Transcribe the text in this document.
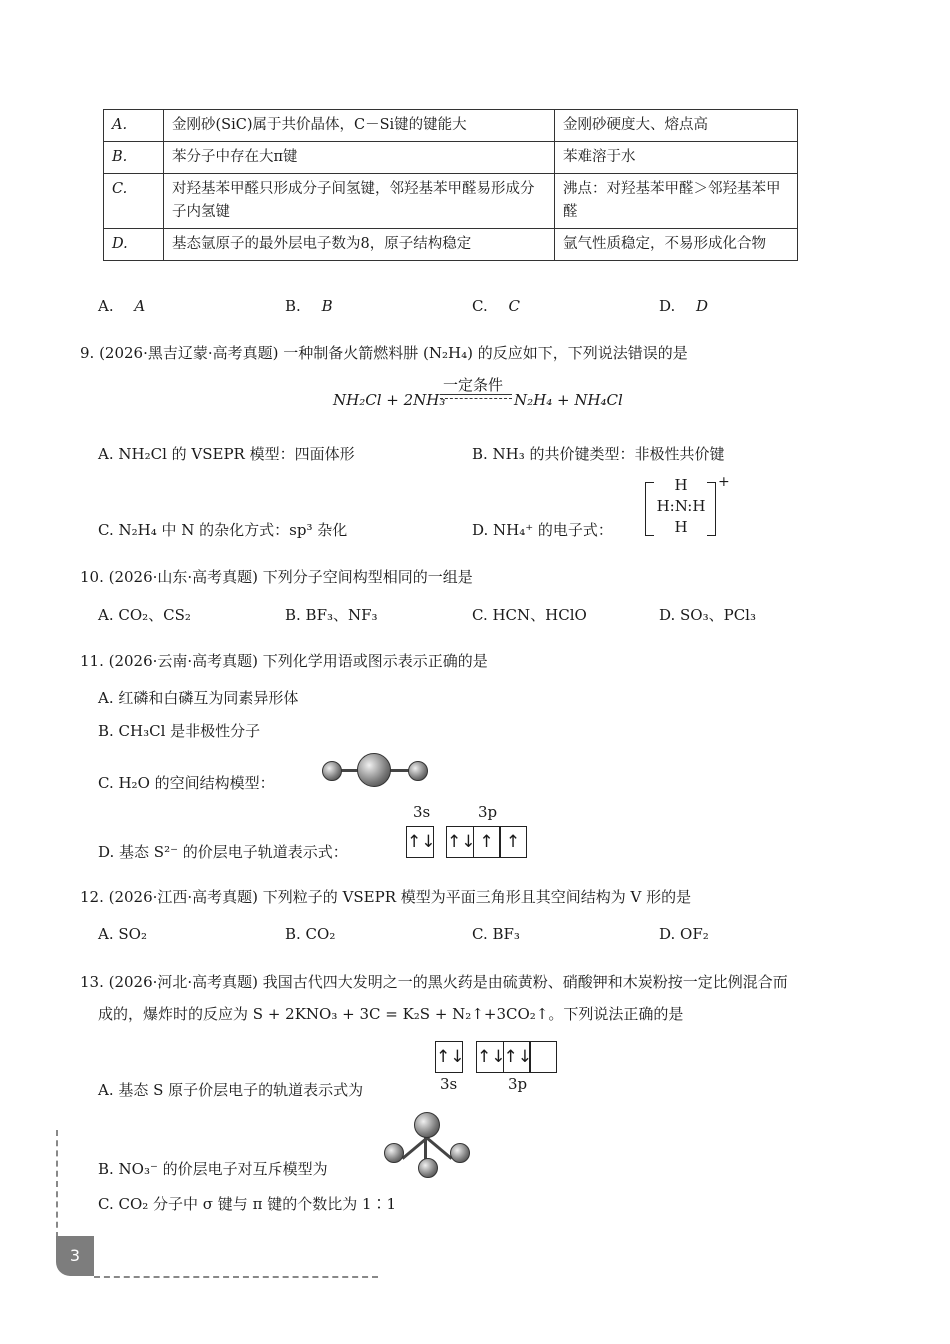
A.	金刚砂(SiC)属于共价晶体，C－Si键的键能大	金刚砂硬度大、熔点高
B.	苯分子中存在大π键	苯难溶于水
C.	对羟基苯甲醛只形成分子间氢键，邻羟基苯甲醛易形成分子内氢键	沸点：对羟基苯甲醛＞邻羟基苯甲醛
D.	基态氩原子的最外层电子数为8，原子结构稳定	氩气性质稳定，不易形成化合物
A. A	B. B	C. C	D. D
9. (2026·黑吉辽蒙·高考真题) 一种制备火箭燃料肼 (N₂H₄) 的反应如下，下列说法错误的是
一定条件
NH₂Cl + 2NH₃	N₂H₄ + NH₄Cl
A. NH₂Cl 的 VSEPR 模型：四面体形	B. NH₃ 的共价键类型：非极性共价键
C. N₂H₄ 中 N 的杂化方式：sp³ 杂化	D. NH₄⁺ 的电子式：
H
H:N:H
H
+
10. (2026·山东·高考真题) 下列分子空间构型相同的一组是
A. CO₂、CS₂	B. BF₃、NF₃	C. HCN、HClO	D. SO₃、PCl₃
11. (2026·云南·高考真题) 下列化学用语或图示表示正确的是
A. 红磷和白磷互为同素异形体
B. CH₃Cl 是非极性分子
C. H₂O 的空间结构模型：
D. 基态 S²⁻ 的价层电子轨道表示式：
3s	3p
↑↓ ↑↓ ↑ ↑
12. (2026·江西·高考真题) 下列粒子的 VSEPR 模型为平面三角形且其空间结构为 V 形的是
A. SO₂	B. CO₂	C. BF₃	D. OF₂
13. (2026·河北·高考真题) 我国古代四大发明之一的黑火药是由硫黄粉、硝酸钾和木炭粉按一定比例混合而
成的，爆炸时的反应为 S + 2KNO₃ + 3C = K₂S + N₂↑+3CO₂↑。下列说法正确的是
A. 基态 S 原子价层电子的轨道表示式为
↑↓ ↑↓
↑↓
3s	3p
B. NO₃⁻ 的价层电子对互斥模型为
C. CO₂ 分子中 σ 键与 π 键的个数比为 1∶1
3
